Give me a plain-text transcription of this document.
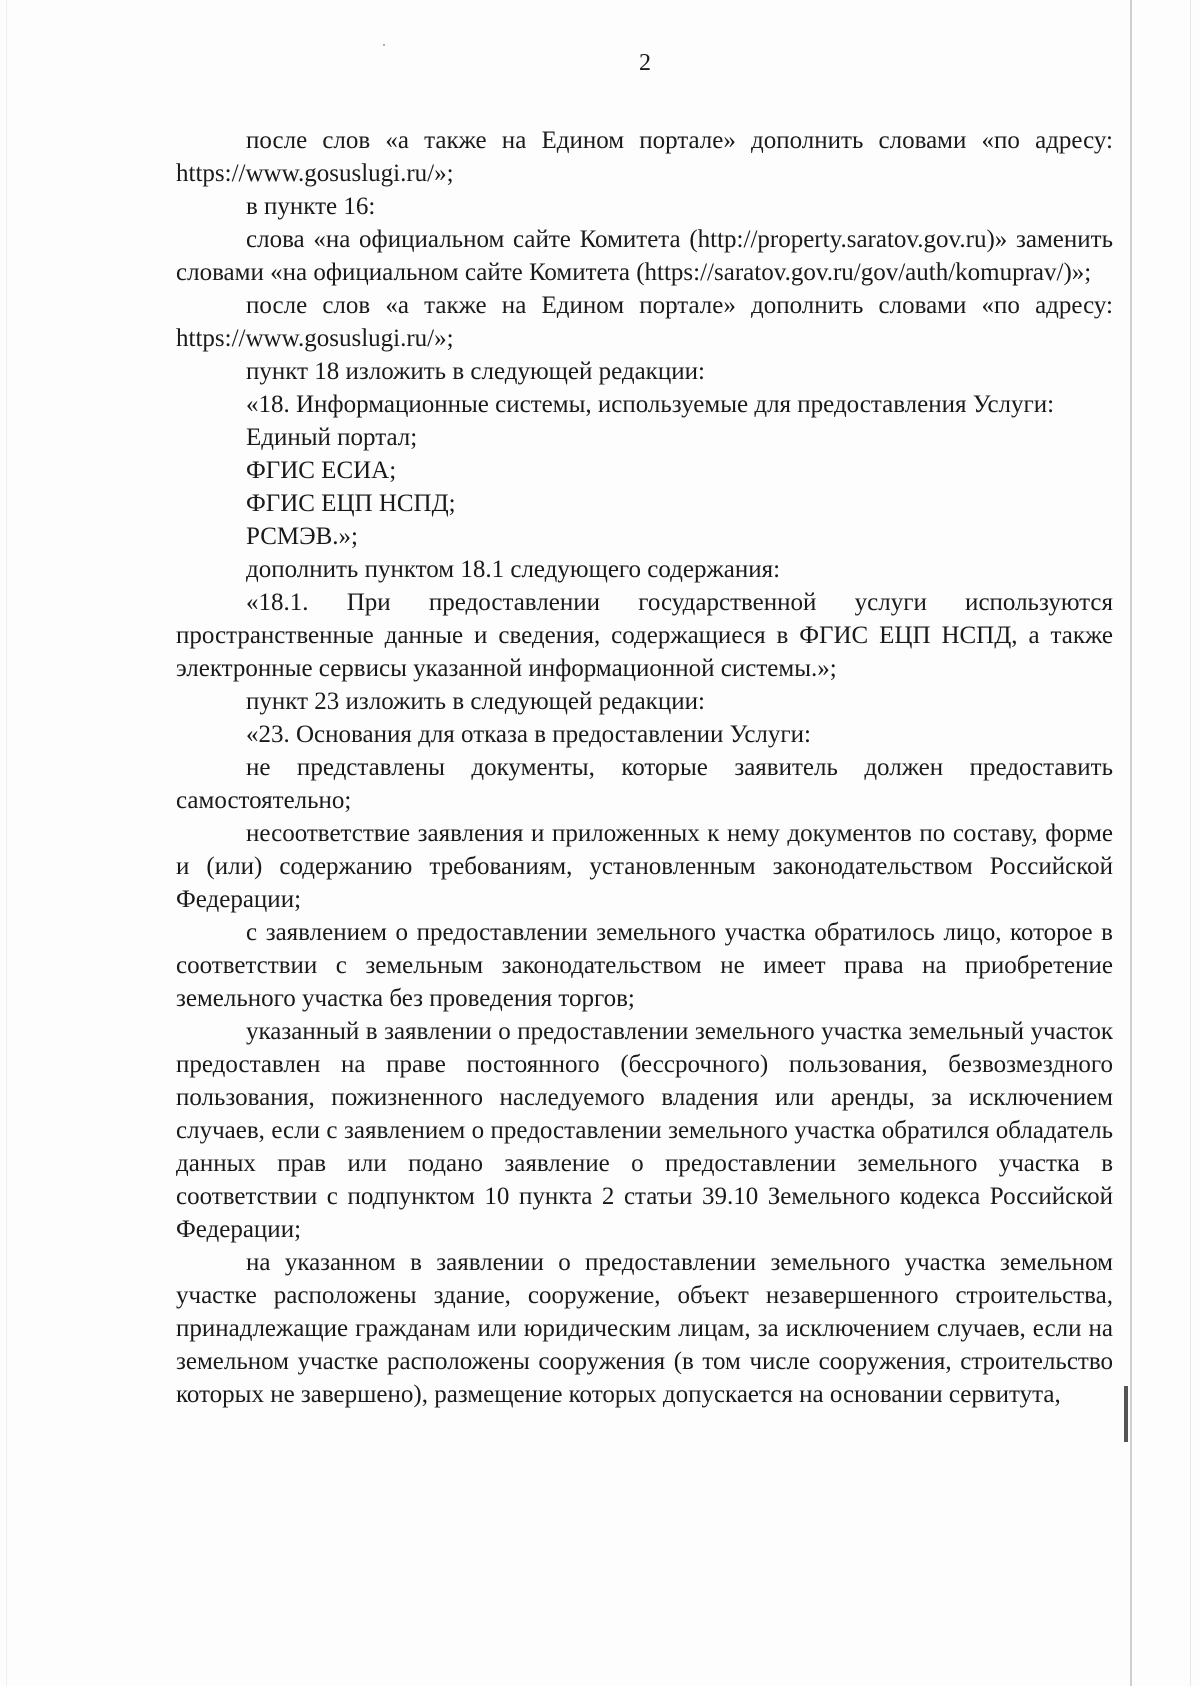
2

после слов «а также на Едином портале» дополнить словами «по адресу: https://www.gosuslugi.ru/»;

в пункте 16:

слова «на официальном сайте Комитета (http://property.saratov.gov.ru)» заменить словами «на официальном сайте Комитета (https://saratov.gov.ru/gov/auth/komuprav/)»;

после слов «а также на Едином портале» дополнить словами «по адресу: https://www.gosuslugi.ru/»;

пункт 18 изложить в следующей редакции:

«18. Информационные системы, используемые для предоставления Услуги:

Единый портал;

ФГИС ЕСИА;

ФГИС ЕЦП НСПД;

РСМЭВ.»;

дополнить пунктом 18.1 следующего содержания:

«18.1. При предоставлении государственной услуги используются пространственные данные и сведения, содержащиеся в ФГИС ЕЦП НСПД, а также электронные сервисы указанной информационной системы.»;

пункт 23 изложить в следующей редакции:

«23. Основания для отказа в предоставлении Услуги:

не представлены документы, которые заявитель должен предоставить самостоятельно;

несоответствие заявления и приложенных к нему документов по составу, форме и (или) содержанию требованиям, установленным законодательством Российской Федерации;

с заявлением о предоставлении земельного участка обратилось лицо, которое в соответствии с земельным законодательством не имеет права на приобретение земельного участка без проведения торгов;

указанный в заявлении о предоставлении земельного участка земельный участок предоставлен на праве постоянного (бессрочного) пользования, безвозмездного пользования, пожизненного наследуемого владения или аренды, за исключением случаев, если с заявлением о предоставлении земельного участка обратился обладатель данных прав или подано заявление о предоставлении земельного участка в соответствии с подпунктом 10 пункта 2 статьи 39.10 Земельного кодекса Российской Федерации;

на указанном в заявлении о предоставлении земельного участка земельном участке расположены здание, сооружение, объект незавершенного строительства, принадлежащие гражданам или юридическим лицам, за исключением случаев, если на земельном участке расположены сооружения (в том числе сооружения, строительство которых не завершено), размещение которых допускается на основании сервитута,
